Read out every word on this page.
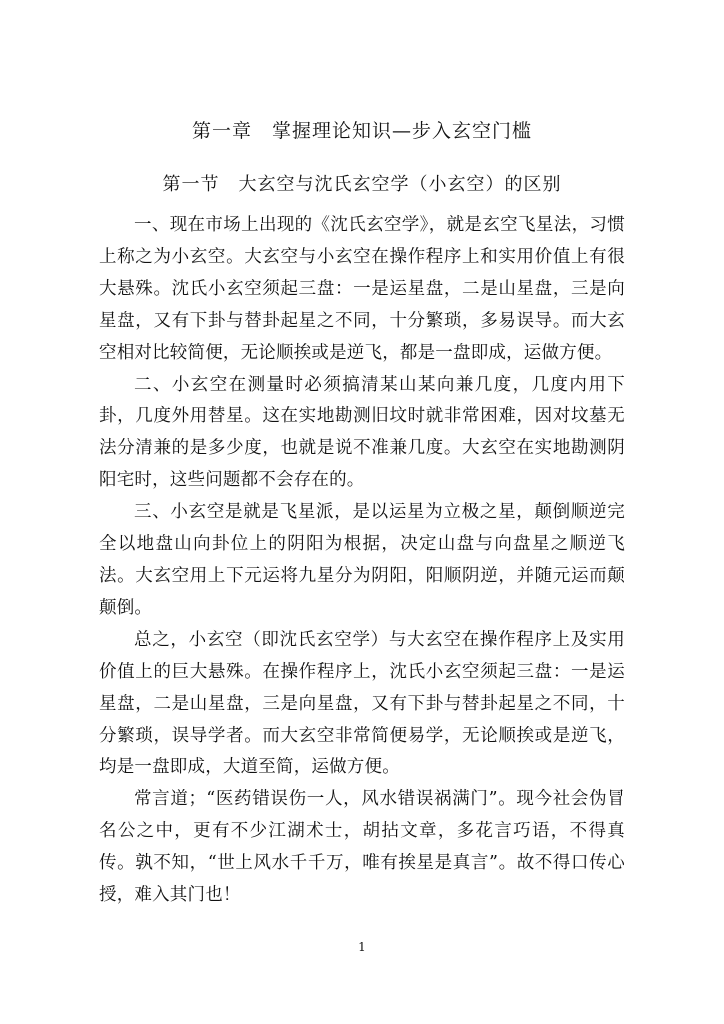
第一章　掌握理论知识—步入玄空门槛
第一节　大玄空与沈氏玄空学（小玄空）的区别

一、现在市场上出现的《沈氏玄空学》，就是玄空飞星法，习惯上称之为小玄空。大玄空与小玄空在操作程序上和实用价值上有很大悬殊。沈氏小玄空须起三盘：一是运星盘，二是山星盘，三是向星盘，又有下卦与替卦起星之不同，十分繁琐，多易误导。而大玄空相对比较简便，无论顺挨或是逆飞，都是一盘即成，运做方便。

二、小玄空在测量时必须搞清某山某向兼几度，几度内用下卦，几度外用替星。这在实地勘测旧坟时就非常困难，因对坟墓无法分清兼的是多少度，也就是说不准兼几度。大玄空在实地勘测阴阳宅时，这些问题都不会存在的。

三、小玄空是就是飞星派，是以运星为立极之星，颠倒顺逆完全以地盘山向卦位上的阴阳为根据，决定山盘与向盘星之顺逆飞法。大玄空用上下元运将九星分为阴阳，阳顺阴逆，并随元运而颠颠倒。

总之，小玄空（即沈氏玄空学）与大玄空在操作程序上及实用价值上的巨大悬殊。在操作程序上，沈氏小玄空须起三盘：一是运星盘，二是山星盘，三是向星盘，又有下卦与替卦起星之不同，十分繁琐，误导学者。而大玄空非常简便易学，无论顺挨或是逆飞，均是一盘即成，大道至简，运做方便。

常言道；“医药错误伤一人，风水错误祸满门”。现今社会伪冒名公之中，更有不少江湖术士，胡拈文章，多花言巧语，不得真传。孰不知，“世上风水千千万，唯有挨星是真言”。故不得口传心授，难入其门也！

1
